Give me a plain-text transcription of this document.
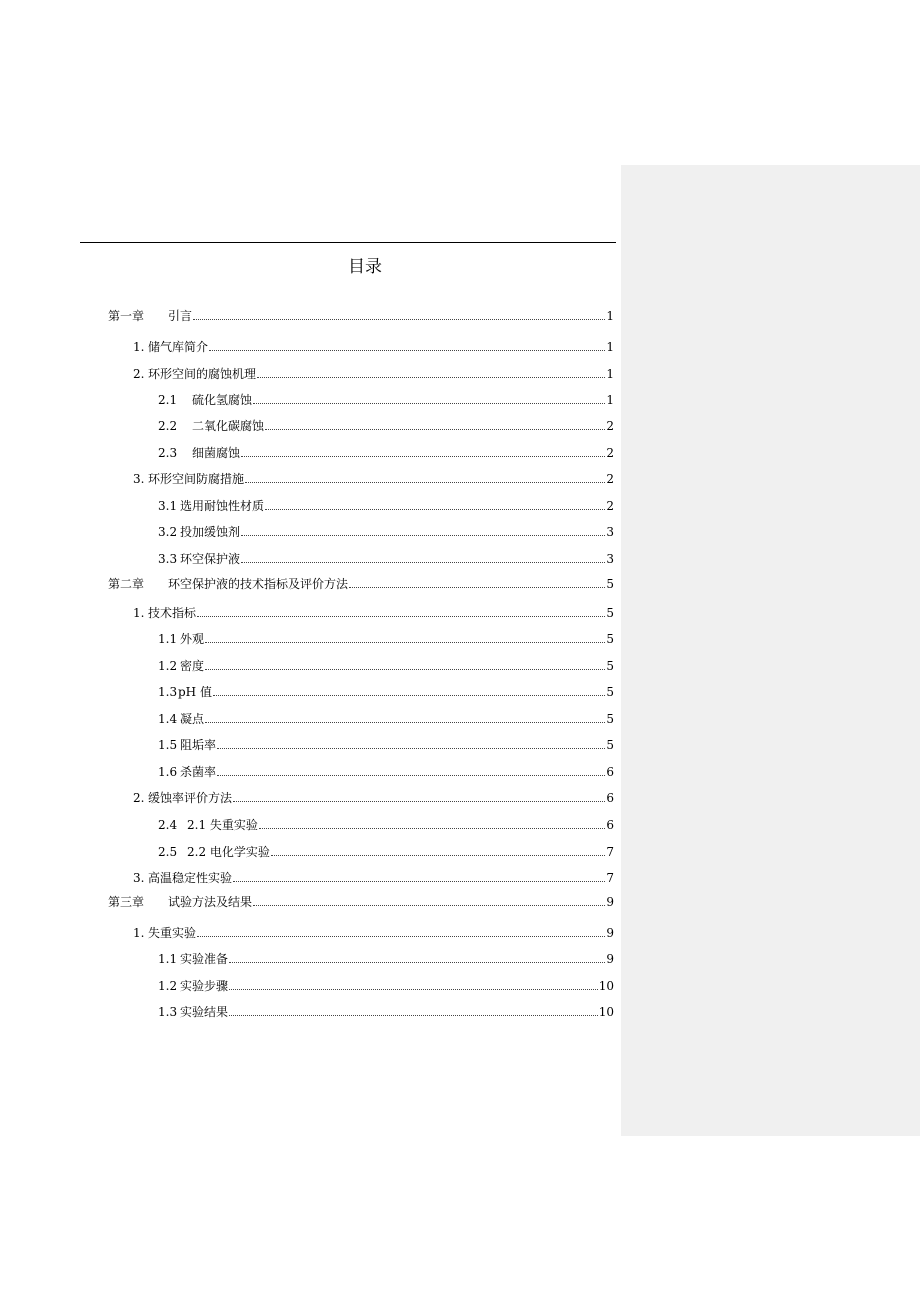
目录
第一章	引言	1
1. 储气库简介	1
2. 环形空间的腐蚀机理	1
2.1	硫化氢腐蚀	1
2.2	二氧化碳腐蚀	2
2.3	细菌腐蚀	2
3. 环形空间防腐措施	2
3.1 选用耐蚀性材质	2
3.2 投加缓蚀剂	3
3.3 环空保护液	3
第二章	环空保护液的技术指标及评价方法	5
1. 技术指标	5
1.1 外观	5
1.2 密度	5
1.3 pH 值	5
1.4 凝点	5
1.5 阻垢率	5
1.6 杀菌率	6
2. 缓蚀率评价方法	6
2.4 2.1 失重实验	6
2.5 2.2 电化学实验	7
3. 高温稳定性实验	7
第三章	试验方法及结果	9
1. 失重实验	9
1.1 实验准备	9
1.2 实验步骤	10
1.3 实验结果	10
